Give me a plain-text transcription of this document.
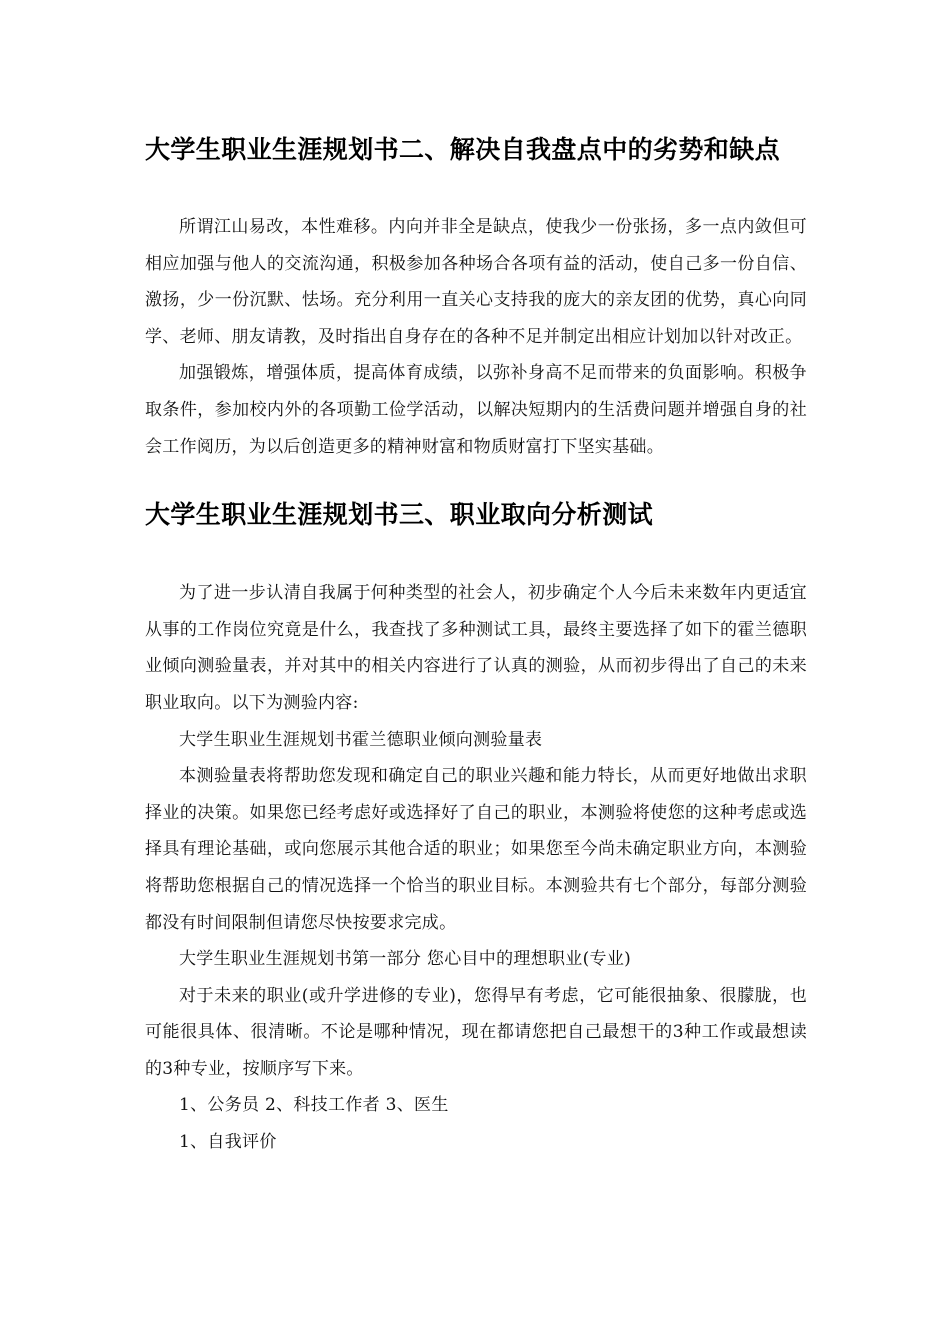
大学生职业生涯规划书二、解决自我盘点中的劣势和缺点

所谓江山易改，本性难移。内向并非全是缺点，使我少一份张扬，多一点内敛但可相应加强与他人的交流沟通，积极参加各种场合各项有益的活动，使自己多一份自信、激扬，少一份沉默、怯场。充分利用一直关心支持我的庞大的亲友团的优势，真心向同学、老师、朋友请教，及时指出自身存在的各种不足并制定出相应计划加以针对改正。

加强锻炼，增强体质，提高体育成绩，以弥补身高不足而带来的负面影响。积极争取条件，参加校内外的各项勤工俭学活动，以解决短期内的生活费问题并增强自身的社会工作阅历，为以后创造更多的精神财富和物质财富打下坚实基础。

大学生职业生涯规划书三、职业取向分析测试

为了进一步认清自我属于何种类型的社会人，初步确定个人今后未来数年内更适宜从事的工作岗位究竟是什么，我查找了多种测试工具，最终主要选择了如下的霍兰德职业倾向测验量表，并对其中的相关内容进行了认真的测验，从而初步得出了自己的未来职业取向。以下为测验内容:

大学生职业生涯规划书霍兰德职业倾向测验量表

本测验量表将帮助您发现和确定自己的职业兴趣和能力特长，从而更好地做出求职择业的决策。如果您已经考虑好或选择好了自己的职业，本测验将使您的这种考虑或选择具有理论基础，或向您展示其他合适的职业；如果您至今尚未确定职业方向，本测验将帮助您根据自己的情况选择一个恰当的职业目标。本测验共有七个部分，每部分测验都没有时间限制但请您尽快按要求完成。

大学生职业生涯规划书第一部分 您心目中的理想职业(专业)

对于未来的职业(或升学进修的专业)，您得早有考虑，它可能很抽象、很朦胧，也可能很具体、很清晰。不论是哪种情况，现在都请您把自己最想干的3种工作或最想读的3种专业，按顺序写下来。

1、公务员 2、科技工作者 3、医生

1、自我评价
